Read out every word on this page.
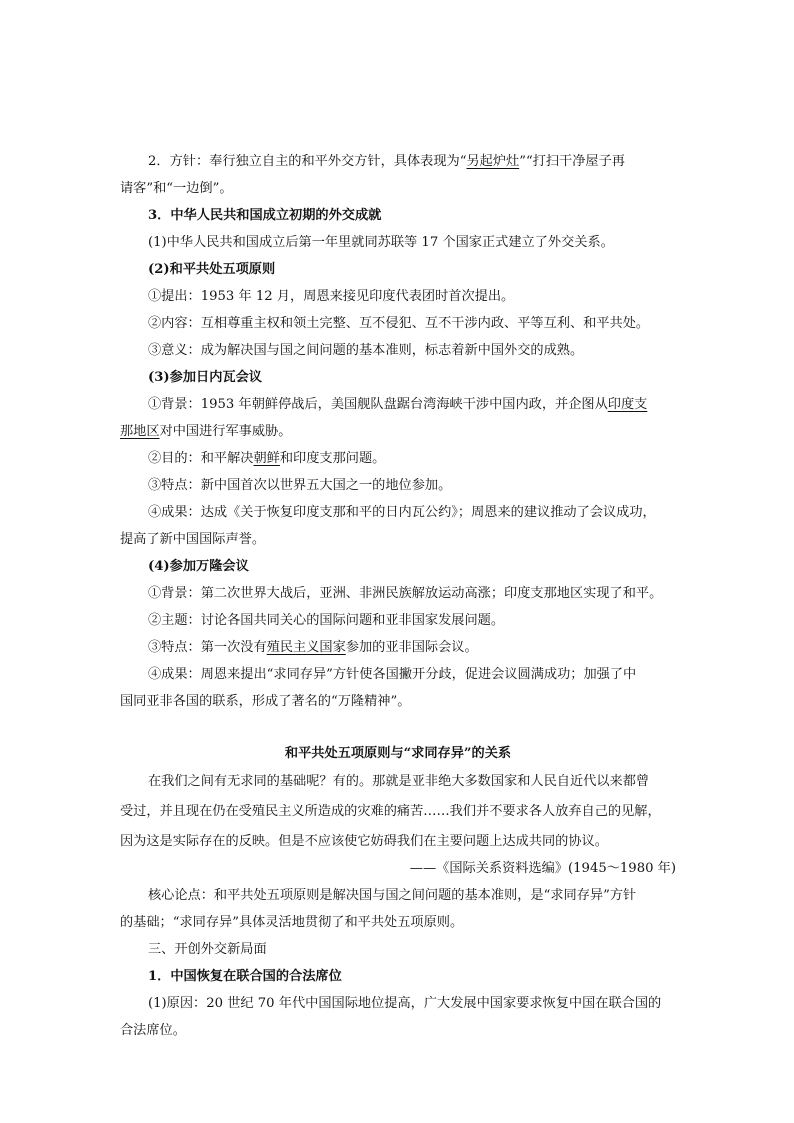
2．方针：奉行独立自主的和平外交方针，具体表现为“另起炉灶”“打扫干净屋子再
请客”和“一边倒”。
3．中华人民共和国成立初期的外交成就
(1)中华人民共和国成立后第一年里就同苏联等 17 个国家正式建立了外交关系。
(2)和平共处五项原则
①提出：1953 年 12 月，周恩来接见印度代表团时首次提出。
②内容：互相尊重主权和领土完整、互不侵犯、互不干涉内政、平等互利、和平共处。
③意义：成为解决国与国之间问题的基本准则，标志着新中国外交的成熟。
(3)参加日内瓦会议
①背景：1953 年朝鲜停战后，美国舰队盘踞台湾海峡干涉中国内政，并企图从印度支
那地区对中国进行军事威胁。
②目的：和平解决朝鲜和印度支那问题。
③特点：新中国首次以世界五大国之一的地位参加。
④成果：达成《关于恢复印度支那和平的日内瓦公约》；周恩来的建议推动了会议成功，
提高了新中国国际声誉。
(4)参加万隆会议
①背景：第二次世界大战后，亚洲、非洲民族解放运动高涨；印度支那地区实现了和平。
②主题：讨论各国共同关心的国际问题和亚非国家发展问题。
③特点：第一次没有殖民主义国家参加的亚非国际会议。
④成果：周恩来提出“求同存异”方针使各国撇开分歧，促进会议圆满成功；加强了中
国同亚非各国的联系，形成了著名的“万隆精神”。
和平共处五项原则与“求同存异”的关系
在我们之间有无求同的基础呢？有的。那就是亚非绝大多数国家和人民自近代以来都曾
受过，并且现在仍在受殖民主义所造成的灾难的痛苦……我们并不要求各人放弃自己的见解，
因为这是实际存在的反映。但是不应该使它妨碍我们在主要问题上达成共同的协议。
——《国际关系资料选编》(1945～1980 年)
核心论点：和平共处五项原则是解决国与国之间问题的基本准则，是“求同存异”方针
的基础；“求同存异”具体灵活地贯彻了和平共处五项原则。
三、开创外交新局面
1．中国恢复在联合国的合法席位
(1)原因：20 世纪 70 年代中国国际地位提高，广大发展中国家要求恢复中国在联合国的
合法席位。
